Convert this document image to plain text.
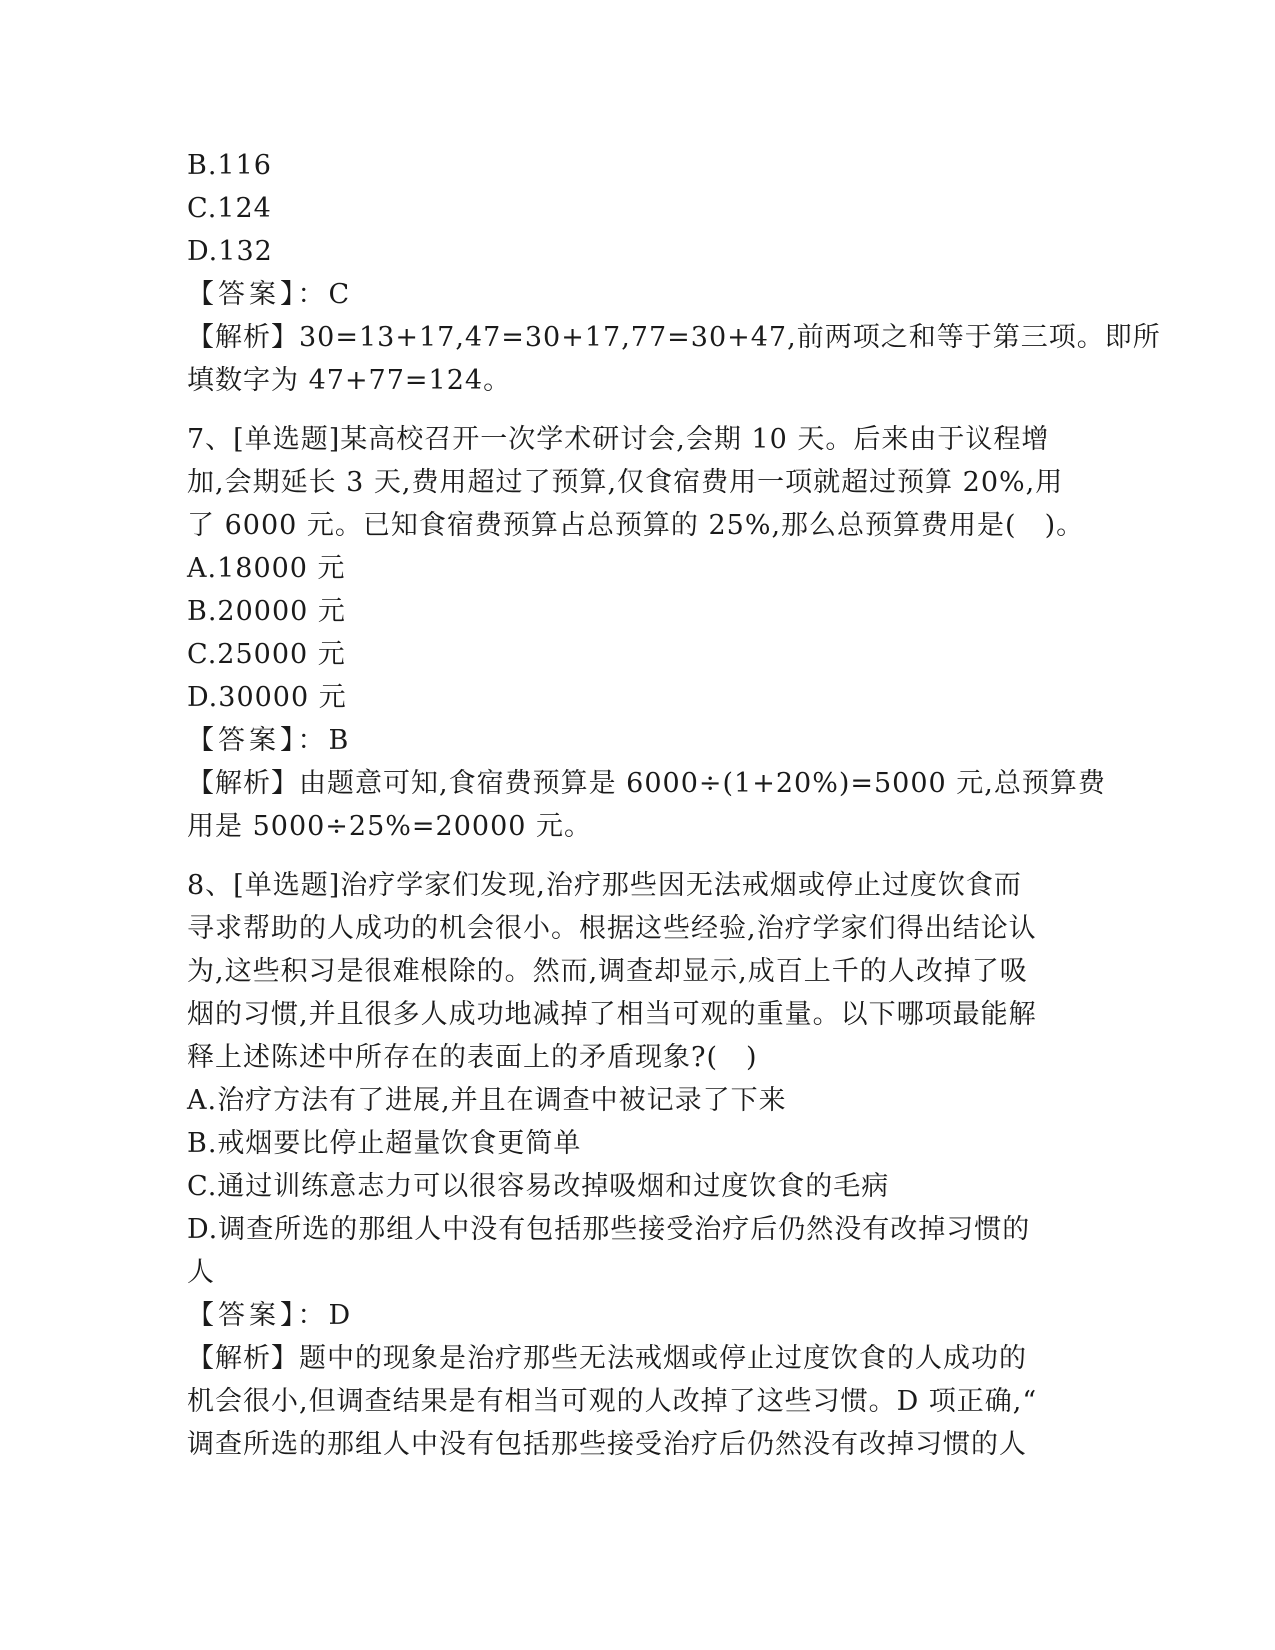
B.116
C.124
D.132
【答案】：C
【解析】30=13+17,47=30+17,77=30+47,前两项之和等于第三项。即所
填数字为 47+77=124。
7、[单选题]某高校召开一次学术研讨会,会期 10 天。后来由于议程增
加,会期延长 3 天,费用超过了预算,仅食宿费用一项就超过预算 20%,用
了 6000 元。已知食宿费预算占总预算的 25%,那么总预算费用是(　)。
A.18000 元
B.20000 元
C.25000 元
D.30000 元
【答案】：B
【解析】由题意可知,食宿费预算是 6000÷(1+20%)=5000 元,总预算费
用是 5000÷25%=20000 元。
8、[单选题]治疗学家们发现,治疗那些因无法戒烟或停止过度饮食而
寻求帮助的人成功的机会很小。根据这些经验,治疗学家们得出结论认
为,这些积习是很难根除的。然而,调查却显示,成百上千的人改掉了吸
烟的习惯,并且很多人成功地减掉了相当可观的重量。以下哪项最能解
释上述陈述中所存在的表面上的矛盾现象?(　)
A.治疗方法有了进展,并且在调查中被记录了下来
B.戒烟要比停止超量饮食更简单
C.通过训练意志力可以很容易改掉吸烟和过度饮食的毛病
D.调查所选的那组人中没有包括那些接受治疗后仍然没有改掉习惯的
人
【答案】：D
【解析】题中的现象是治疗那些无法戒烟或停止过度饮食的人成功的
机会很小,但调查结果是有相当可观的人改掉了这些习惯。D 项正确,“
调查所选的那组人中没有包括那些接受治疗后仍然没有改掉习惯的人
